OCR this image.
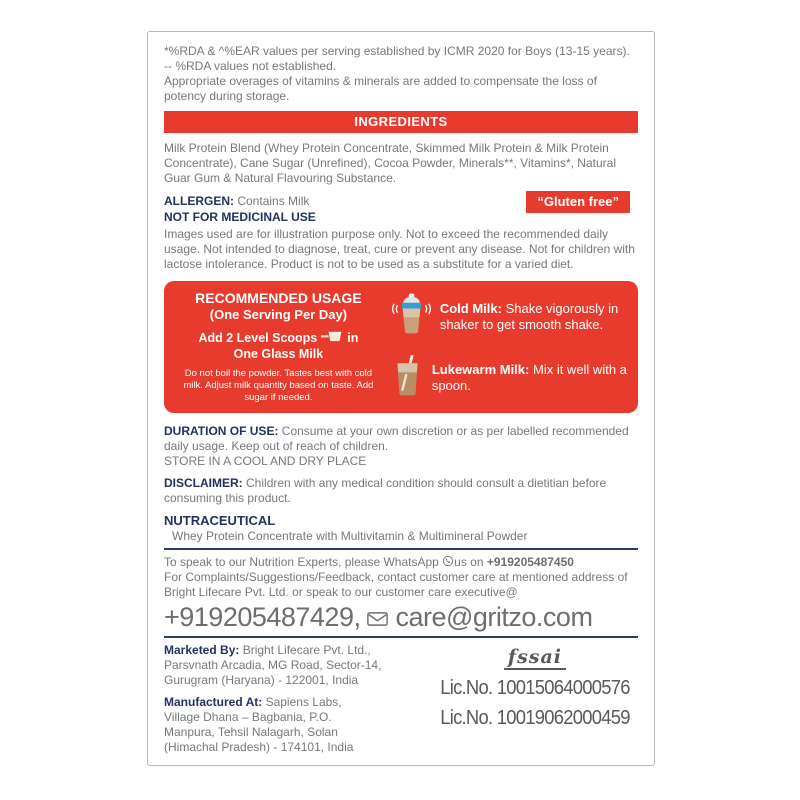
*%RDA & ^%EAR values per serving established by ICMR 2020 for Boys (13-15 years).
-- %RDA values not established.
Appropriate overages of vitamins & minerals are added to compensate the loss of potency during storage.

INGREDIENTS

Milk Protein Blend (Whey Protein Concentrate, Skimmed Milk Protein & Milk Protein Concentrate), Cane Sugar (Unrefined), Cocoa Powder, Minerals**, Vitamins*, Natural Guar Gum & Natural Flavouring Substance.

ALLERGEN: Contains Milk

NOT FOR MEDICINAL USE

“Gluten free”

Images used are for illustration purpose only. Not to exceed the recommended daily usage. Not intended to diagnose, treat, cure or prevent any disease. Not for children with lactose intolerance. Product is not to be used as a substitute for a varied diet.

RECOMMENDED USAGE
(One Serving Per Day)
Add 2 Level Scoops in
One Glass Milk
Do not boil the powder. Tastes best with cold milk. Adjust milk quantity based on taste. Add sugar if needed.

Cold Milk: Shake vigorously in shaker to get smooth shake.

Lukewarm Milk: Mix it well with a spoon.

DURATION OF USE: Consume at your own discretion or as per labelled recommended daily usage. Keep out of reach of children.
STORE IN A COOL AND DRY PLACE

DISCLAIMER: Children with any medical condition should consult a dietitian before consuming this product.

NUTRACEUTICAL

Whey Protein Concentrate with Multivitamin & Multimineral Powder

To speak to our Nutrition Experts, please WhatsApp us on +919205487450
For Complaints/Suggestions/Feedback, contact customer care at mentioned address of Bright Lifecare Pvt. Ltd. or speak to our customer care executive@

+919205487429, care@gritzo.com

Marketed By: Bright Lifecare Pvt. Ltd.,
Parsvnath Arcadia, MG Road, Sector-14,
Gurugram (Haryana) - 122001, India

Manufactured At: Sapiens Labs,
Village Dhana – Bagbania, P.O.
Manpura, Tehsil Nalagarh, Solan
(Himachal Pradesh) - 174101, India

fssai
Lic.No. 10015064000576
Lic.No. 10019062000459
